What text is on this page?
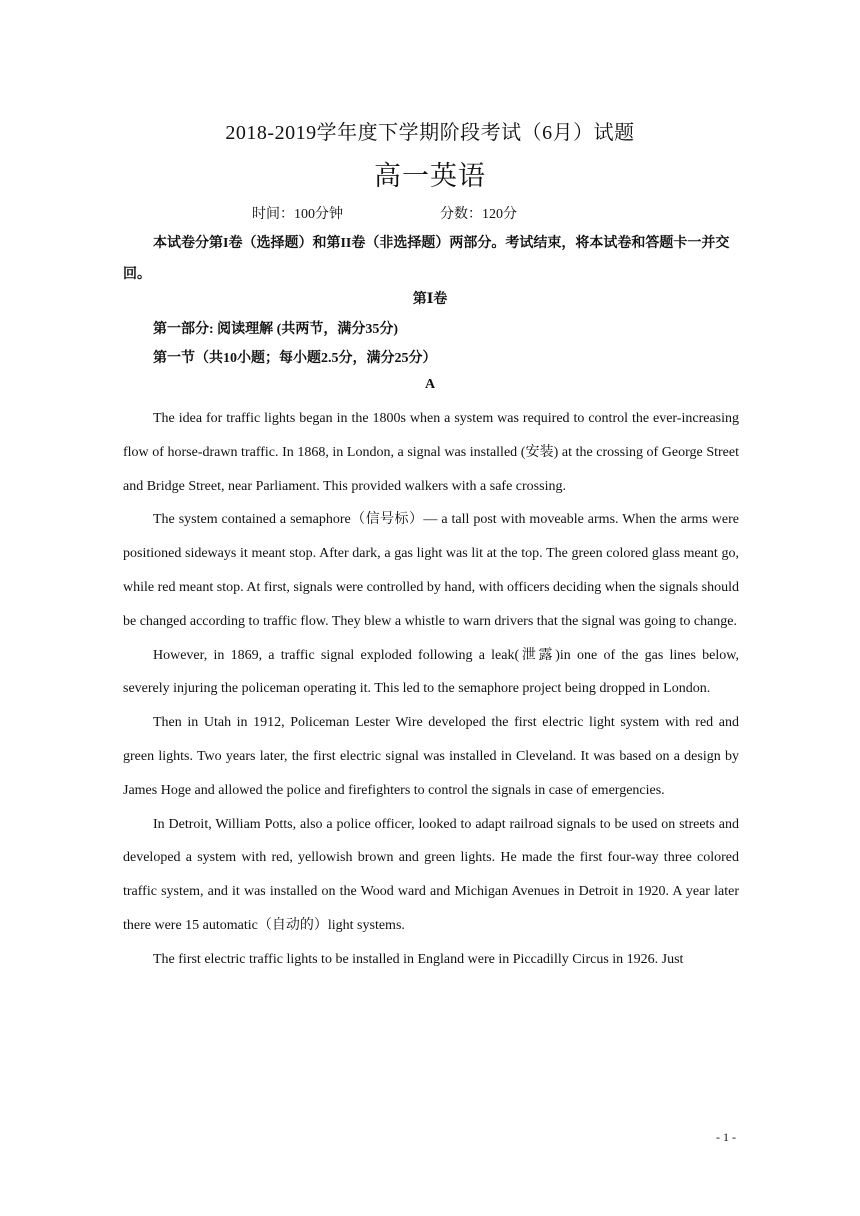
2018-2019学年度下学期阶段考试（6月）试题
高一英语
时间：100分钟	分数：120分
本试卷分第I卷（选择题）和第II卷（非选择题）两部分。考试结束，将本试卷和答题卡一并交回。
第Ⅰ卷
第一部分: 阅读理解 (共两节，满分35分)
第一节（共10小题；每小题2.5分，满分25分）
A

The idea for traffic lights began in the 1800s when a system was required to control the ever-increasing flow of horse-drawn traffic. In 1868, in London, a signal was installed (安装) at the crossing of George Street and Bridge Street, near Parliament. This provided walkers with a safe crossing.

The system contained a semaphore（信号标）— a tall post with moveable arms. When the arms were positioned sideways it meant stop. After dark, a gas light was lit at the top. The green colored glass meant go, while red meant stop. At first, signals were controlled by hand, with officers deciding when the signals should be changed according to traffic flow. They blew a whistle to warn drivers that the signal was going to change.

However, in 1869, a traffic signal exploded following a leak(泄露)in one of the gas lines below, severely injuring the policeman operating it. This led to the semaphore project being dropped in London.

Then in Utah in 1912, Policeman Lester Wire developed the first electric light system with red and green lights. Two years later, the first electric signal was installed in Cleveland. It was based on a design by James Hoge and allowed the police and firefighters to control the signals in case of emergencies.

In Detroit, William Potts, also a police officer, looked to adapt railroad signals to be used on streets and developed a system with red, yellowish brown and green lights. He made the first four-way three colored traffic system, and it was installed on the Wood ward and Michigan Avenues in Detroit in 1920. A year later there were 15 automatic（自动的）light systems.

The first electric traffic lights to be installed in England were in Piccadilly Circus in 1926. Just

- 1 -
